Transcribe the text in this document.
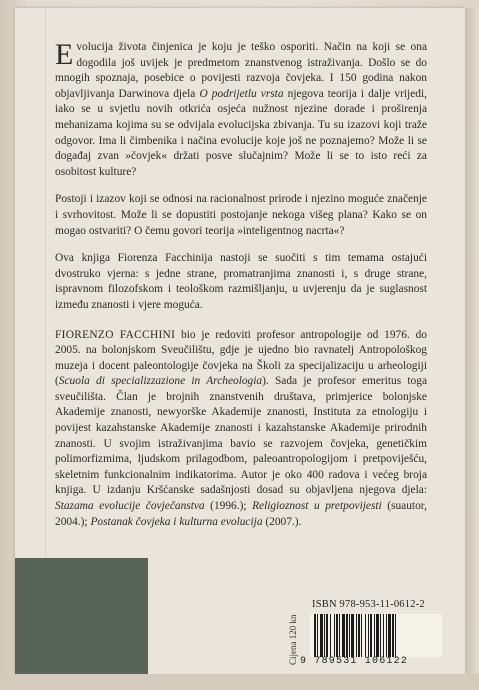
Evolucija života činjenica je koju je teško osporiti. Način na koji se ona dogodila još uvijek je predmetom znanstvenog istraživanja. Došlo se do mnogih spoznaja, posebice o povijesti razvoja čovjeka. I 150 godina nakon objavljivanja Darwinova djela O podrijetlu vrsta njegova teorija i dalje vrijedi, iako se u svjetlu novih otkrića osjeća nužnost njezine dorade i proširenja mehanizama kojima su se odvijala evolucijska zbivanja. Tu su izazovi koji traže odgovor. Ima li čimbenika i načina evolucije koje još ne poznajemo? Može li se događaj zvan »čovjek« držati posve slučajnim? Može li se to isto reći za osobitost kulture?

Postoji i izazov koji se odnosi na racionalnost prirode i njezino moguće značenje i svrhovitost. Može li se dopustiti postojanje nekoga višeg plana? Kako se on mogao ostvariti? O čemu govori teorija »inteligentnog nacrta«?

Ova knjiga Fiorenza Facchinija nastoji se suočiti s tim temama ostajući dvostruko vjerna: s jedne strane, promatranjima znanosti i, s druge strane, ispravnom filozofskom i teološkom razmišljanju, u uvjerenju da je suglasnost između znanosti i vjere moguća.

FIORENZO FACCHINI bio je redoviti profesor antropologije od 1976. do 2005. na bolonjskom Sveučilištu, gdje je ujedno bio ravnatelj Antropološkog muzeja i docent paleontologije čovjeka na Školi za specijalizaciju u arheologiji (Scuola di specializzazione in Archeologia). Sada je profesor emeritus toga sveučilišta. Član je brojnih znanstvenih društava, primjerice bolonjske Akademije znanosti, newyorške Akademije znanosti, Instituta za etnologiju i povijest kazahstanske Akademije znanosti i kazahstanske Akademije prirodnih znanosti. U svojim istraživanjima bavio se razvojem čovjeka, genetičkim polimorfizmima, ljudskom prilagodbom, paleoantropologijom i pretpoviješću, skeletnim funkcionalnim indikatorima. Autor je oko 400 radova i većeg broja knjiga. U izdanju Kršćanske sadašnjosti dosad su objavljena njegova djela: Stazama evolucije čovječanstva (1996.); Religioznost u pretpovijesti (suautor, 2004.); Postanak čovjeka i kulturna evolucija (2007.).

Cijena 120 kn
ISBN 978-953-11-0612-2
9 789531 106122
